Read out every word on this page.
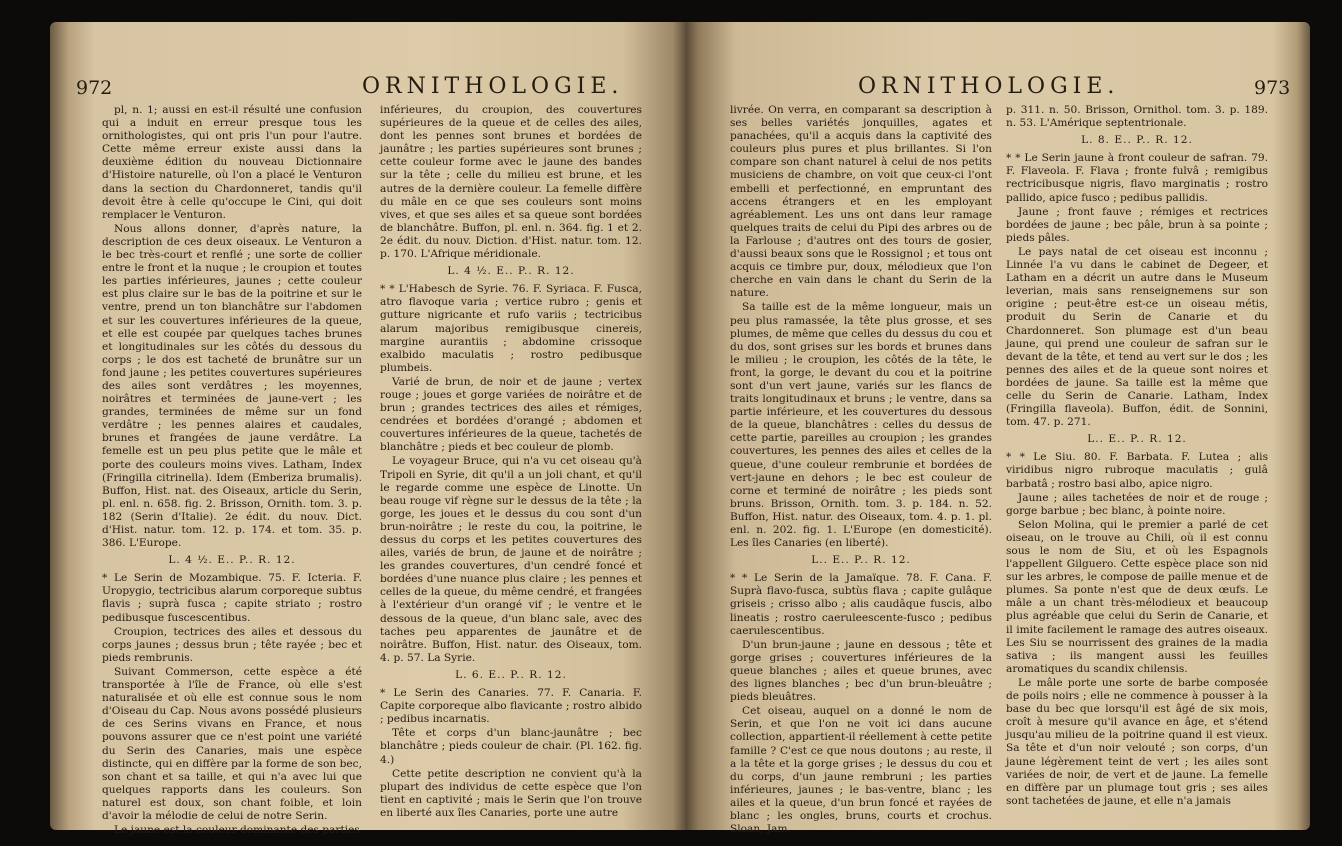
972	ORNITHOLOGIE.

pl, n. 1; aussi en est-il résulté une confusion qui a induit en erreur presque tous les ornithologistes, qui ont pris l'un pour l'autre. Cette même erreur existe aussi dans la deuxième édition du nouveau Dictionnaire d'Histoire naturelle, où l'on a placé le Venturon dans la section du Chardonneret, tandis qu'il devoit être à celle qu'occupe le Cini, qui doit remplacer le Venturon.

Nous allons donner, d'après nature, la description de ces deux oiseaux. Le Venturon a le bec très-court et renflé ; une sorte de collier entre le front et la nuque ; le croupion et toutes les parties inférieures, jaunes ; cette couleur est plus claire sur le bas de la poitrine et sur le ventre, prend un ton blanchâtre sur l'abdomen et sur les couvertures inférieures de la queue, et elle est coupée par quelques taches brunes et longitudinales sur les côtés du dessous du corps ; le dos est tacheté de brunâtre sur un fond jaune ; les petites couvertures supérieures des ailes sont verdâtres ; les moyennes, noirâtres et terminées de jaune-vert ; les grandes, terminées de même sur un fond verdâtre ; les pennes alaires et caudales, brunes et frangées de jaune verdâtre. La femelle est un peu plus petite que le mâle et porte des couleurs moins vives. Latham, Index (Fringilla citrinella). Idem (Emberiza brumalis). Buffon, Hist. nat. des Oiseaux, article du Serin, pl. enl. n. 658. fig. 2. Brisson, Ornith. tom. 3. p. 182 (Serin d'Italie). 2e édit. du nouv. Dict. d'Hist. natur. tom. 12. p. 174. et tom. 35. p. 386. L'Europe.

L. 4 ½. E.. P.. R. 12.

* Le Serin de Mozambique. 75. F. Icteria. F. Uropygio, tectricibus alarum corporeque subtus flavis ; suprà fusca ; capite striato ; rostro pedibusque fuscescentibus.

Croupion, tectrices des ailes et dessous du corps jaunes ; dessus brun ; tête rayée ; bec et pieds rembrunis.

Suivant Commerson, cette espèce a été transportée à l'île de France, où elle s'est naturalisée et où elle est connue sous le nom d'Oiseau du Cap. Nous avons possédé plusieurs de ces Serins vivans en France, et nous pouvons assurer que ce n'est point une variété du Serin des Canaries, mais une espèce distincte, qui en diffère par la forme de son bec, son chant et sa taille, et qui n'a avec lui que quelques rapports dans les couleurs. Son naturel est doux, son chant foible, et loin d'avoir la mélodie de celui de notre Serin.

Le jaune est la couleur dominante des parties

inférieures, du croupion, des couvertures supérieures de la queue et de celles des ailes, dont les pennes sont brunes et bordées de jaunâtre ; les parties supérieures sont brunes ; cette couleur forme avec le jaune des bandes sur la tête ; celle du milieu est brune, et les autres de la dernière couleur. La femelle diffère du mâle en ce que ses couleurs sont moins vives, et que ses ailes et sa queue sont bordées de blanchâtre. Buffon, pl. enl. n. 364. fig. 1 et 2. 2e édit. du nouv. Diction. d'Hist. natur. tom. 12. p. 170. L'Afrique méridionale.

L. 4 ½. E.. P.. R. 12.

* * L'Habesch de Syrie. 76. F. Syriaca. F. Fusca, atro flavoque varia ; vertice rubro ; genis et gutture nigricante et rufo variis ; tectricibus alarum majoribus remigibusque cinereis, margine aurantiis ; abdomine crissoque exalbido maculatis ; rostro pedibusque plumbeis.

Varié de brun, de noir et de jaune ; vertex rouge ; joues et gorge variées de noirâtre et de brun ; grandes tectrices des ailes et rémiges, cendrées et bordées d'orangé ; abdomen et couvertures inférieures de la queue, tachetés de blanchâtre ; pieds et bec couleur de plomb.

Le voyageur Bruce, qui n'a vu cet oiseau qu'à Tripoli en Syrie, dit qu'il a un joli chant, et qu'il le regarde comme une espèce de Linotte. Un beau rouge vif règne sur le dessus de la tête ; la gorge, les joues et le dessus du cou sont d'un brun-noirâtre ; le reste du cou, la poitrine, le dessus du corps et les petites couvertures des ailes, variés de brun, de jaune et de noirâtre ; les grandes couvertures, d'un cendré foncé et bordées d'une nuance plus claire ; les pennes et celles de la queue, du même cendré, et frangées à l'extérieur d'un orangé vif ; le ventre et le dessous de la queue, d'un blanc sale, avec des taches peu apparentes de jaunâtre et de noirâtre. Buffon, Hist. natur. des Oiseaux, tom. 4. p. 57. La Syrie.

L. 6. E.. P.. R. 12.

* Le Serin des Canaries. 77. F. Canaria. F. Capite corporeque albo flavicante ; rostro albido ; pedibus incarnatis.

Tête et corps d'un blanc-jaunâtre ; bec blanchâtre ; pieds couleur de chair. (Pl. 162. fig. 4.)

Cette petite description ne convient qu'à la plupart des individus de cette espèce que l'on tient en captivité ; mais le Serin que l'on trouve en liberté aux îles Canaries, porte une autre

ORNITHOLOGIE.	973

livrée. On verra, en comparant sa description à ses belles variétés jonquilles, agates et panachées, qu'il a acquis dans la captivité des couleurs plus pures et plus brillantes. Si l'on compare son chant naturel à celui de nos petits musiciens de chambre, on voit que ceux-ci l'ont embelli et perfectionné, en empruntant des accens étrangers et en les employant agréablement. Les uns ont dans leur ramage quelques traits de celui du Pipi des arbres ou de la Farlouse ; d'autres ont des tours de gosier, d'aussi beaux sons que le Rossignol ; et tous ont acquis ce timbre pur, doux, mélodieux que l'on cherche en vain dans le chant du Serin de la nature.

Sa taille est de la même longueur, mais un peu plus ramassée, la tête plus grosse, et ses plumes, de même que celles du dessus du cou et du dos, sont grises sur les bords et brunes dans le milieu ; le croupion, les côtés de la tête, le front, la gorge, le devant du cou et la poitrine sont d'un vert jaune, variés sur les flancs de traits longitudinaux et bruns ; le ventre, dans sa partie inférieure, et les couvertures du dessous de la queue, blanchâtres : celles du dessus de cette partie, pareilles au croupion ; les grandes couvertures, les pennes des ailes et celles de la queue, d'une couleur rembrunie et bordées de vert-jaune en dehors ; le bec est couleur de corne et terminé de noirâtre ; les pieds sont bruns. Brisson, Ornith. tom. 3. p. 184. n. 52. Buffon, Hist. natur. des Oiseaux, tom. 4. p. 1. pl. enl. n. 202. fig. 1. L'Europe (en domesticité). Les îles Canaries (en liberté).

L.. E.. P.. R. 12.

* * Le Serin de la Jamaïque. 78. F. Cana. F. Suprà flavo-fusca, subtùs flava ; capite gulâque griseis ; crisso albo ; alis caudâque fuscis, albo lineatis ; rostro caeruleescente-fusco ; pedibus caerulescentibus.

D'un brun-jaune ; jaune en dessous ; tête et gorge grises ; couvertures inférieures de la queue blanches ; ailes et queue brunes, avec des lignes blanches ; bec d'un brun-bleuâtre ; pieds bleuâtres.

Cet oiseau, auquel on a donné le nom de Serin, et que l'on ne voit ici dans aucune collection, appartient-il réellement à cette petite famille ? C'est ce que nous doutons ; au reste, il a la tête et la gorge grises ; le dessus du cou et du corps, d'un jaune rembruni ; les parties inférieures, jaunes ; le bas-ventre, blanc ; les ailes et la queue, d'un brun foncé et rayées de blanc ; les ongles, bruns, courts et crochus. Sloan, Jam.

p. 311. n. 50. Brisson, Ornithol. tom. 3. p. 189. n. 53. L'Amérique septentrionale.

L. 8. E.. P.. R. 12.

* * Le Serin jaune à front couleur de safran. 79. F. Flaveola. F. Flava ; fronte fulvâ ; remigibus rectricibusque nigris, flavo marginatis ; rostro pallido, apice fusco ; pedibus pallidis.

Jaune ; front fauve ; rémiges et rectrices bordées de jaune ; bec pâle, brun à sa pointe ; pieds pâles.

Le pays natal de cet oiseau est inconnu ; Linnée l'a vu dans le cabinet de Degeer, et Latham en a décrit un autre dans le Museum leverian, mais sans renseignemens sur son origine ; peut-être est-ce un oiseau métis, produit du Serin de Canarie et du Chardonneret. Son plumage est d'un beau jaune, qui prend une couleur de safran sur le devant de la tête, et tend au vert sur le dos ; les pennes des ailes et de la queue sont noires et bordées de jaune. Sa taille est la même que celle du Serin de Canarie. Latham, Index (Fringilla flaveola). Buffon, édit. de Sonnini, tom. 47. p. 271.

L.. E.. P.. R. 12.

* * Le Siu. 80. F. Barbata. F. Lutea ; alis viridibus nigro rubroque maculatis ; gulâ barbatâ ; rostro basi albo, apice nigro.

Jaune ; ailes tachetées de noir et de rouge ; gorge barbue ; bec blanc, à pointe noire.

Selon Molina, qui le premier a parlé de cet oiseau, on le trouve au Chili, où il est connu sous le nom de Siu, et où les Espagnols l'appellent Gilguero. Cette espèce place son nid sur les arbres, le compose de paille menue et de plumes. Sa ponte n'est que de deux œufs. Le mâle a un chant très-mélodieux et beaucoup plus agréable que celui du Serin de Canarie, et il imite facilement le ramage des autres oiseaux. Les Siu se nourrissent des graines de la madia sativa ; ils mangent aussi les feuilles aromatiques du scandix chilensis.

Le mâle porte une sorte de barbe composée de poils noirs ; elle ne commence à pousser à la base du bec que lorsqu'il est âgé de six mois, croît à mesure qu'il avance en âge, et s'étend jusqu'au milieu de la poitrine quand il est vieux. Sa tête et d'un noir velouté ; son corps, d'un jaune légèrement teint de vert ; les ailes sont variées de noir, de vert et de jaune. La femelle en diffère par un plumage tout gris ; ses ailes sont tachetées de jaune, et elle n'a jamais
